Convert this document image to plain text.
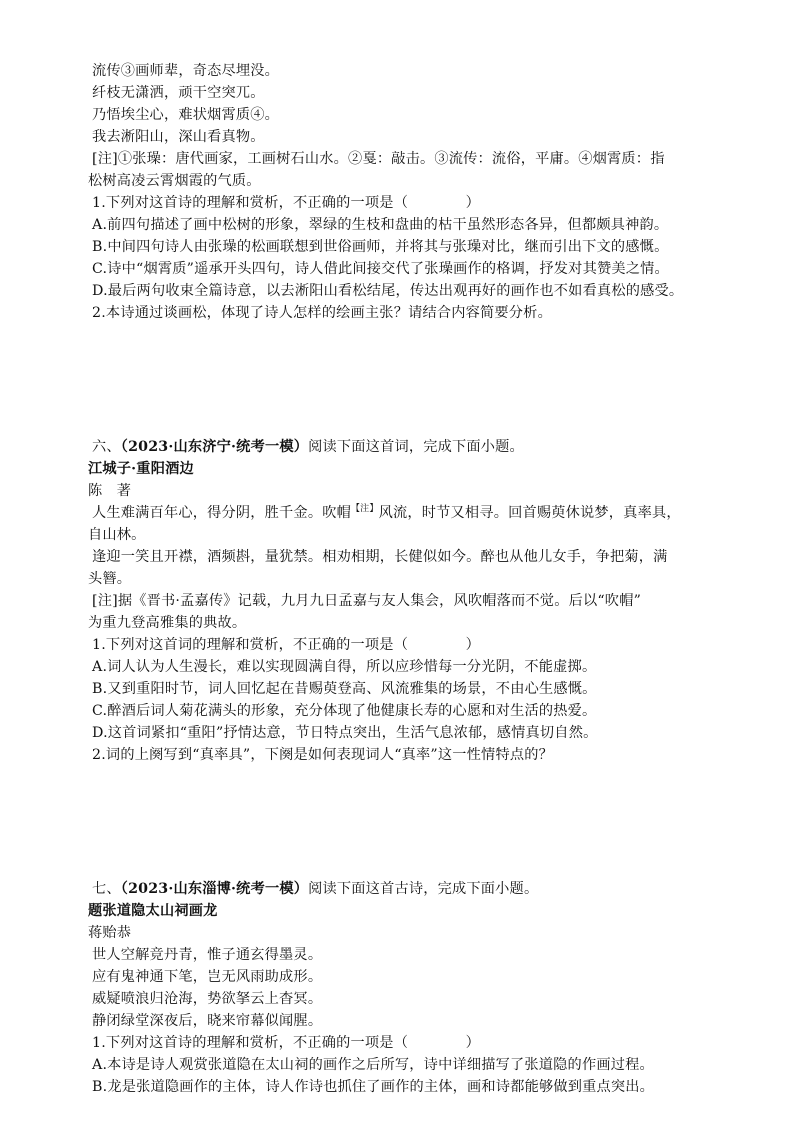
流传③画师辈，奇态尽埋没。
纤枝无潇洒，顽干空突兀。
乃悟埃尘心，难状烟霄质④。
我去淅阳山，深山看真物。
[注]①张璪：唐代画家，工画树石山水。②戛：敲击。③流传：流俗，平庸。④烟霄质：指
松树高凌云霄烟霞的气质。
1.下列对这首诗的理解和赏析，不正确的一项是（　　　　）
A.前四句描述了画中松树的形象，翠绿的生枝和盘曲的枯干虽然形态各异，但都颇具神韵。
B.中间四句诗人由张璪的松画联想到世俗画师，并将其与张璪对比，继而引出下文的感慨。
C.诗中“烟霄质”遥承开头四句，诗人借此间接交代了张璪画作的格调，抒发对其赞美之情。
D.最后两句收束全篇诗意，以去淅阳山看松结尾，传达出观再好的画作也不如看真松的感受。
2.本诗通过谈画松，体现了诗人怎样的绘画主张？请结合内容简要分析。
六、（2023·山东济宁·统考一模）阅读下面这首词，完成下面小题。
江城子·重阳酒边
陈　著
人生难满百年心，得分阴，胜千金。吹帽$^{【注】}$风流，时节又相寻。回首赐萸休说梦，真率具，
自山林。
逢迎一笑且开襟，酒频斟，量犹禁。相劝相期，长健似如今。醉也从他儿女手，争把菊，满
头簪。
[注]据《晋书·孟嘉传》记载，九月九日孟嘉与友人集会，风吹帽落而不觉。后以“吹帽”
为重九登高雅集的典故。
1.下列对这首词的理解和赏析，不正确的一项是（　　　　）
A.词人认为人生漫长，难以实现圆满自得，所以应珍惜每一分光阴，不能虚掷。
B.又到重阳时节，词人回忆起在昔赐萸登高、风流雅集的场景，不由心生感慨。
C.醉酒后词人菊花满头的形象，充分体现了他健康长寿的心愿和对生活的热爱。
D.这首词紧扣“重阳”抒情达意，节日特点突出，生活气息浓郁，感情真切自然。
2.词的上阕写到“真率具”，下阕是如何表现词人“真率”这一性情特点的？
七、（2023·山东淄博·统考一模）阅读下面这首古诗，完成下面小题。
题张道隐太山祠画龙
蒋贻恭
世人空解竞丹青，惟子通玄得墨灵。
应有鬼神通下笔，岂无风雨助成形。
威疑喷浪归沧海，势欲拏云上杳冥。
静闭绿堂深夜后，晓来帘幕似闻腥。
1.下列对这首诗的理解和赏析，不正确的一项是（　　　　）
A.本诗是诗人观赏张道隐在太山祠的画作之后所写，诗中详细描写了张道隐的作画过程。
B.龙是张道隐画作的主体，诗人作诗也抓住了画作的主体，画和诗都能够做到重点突出。
